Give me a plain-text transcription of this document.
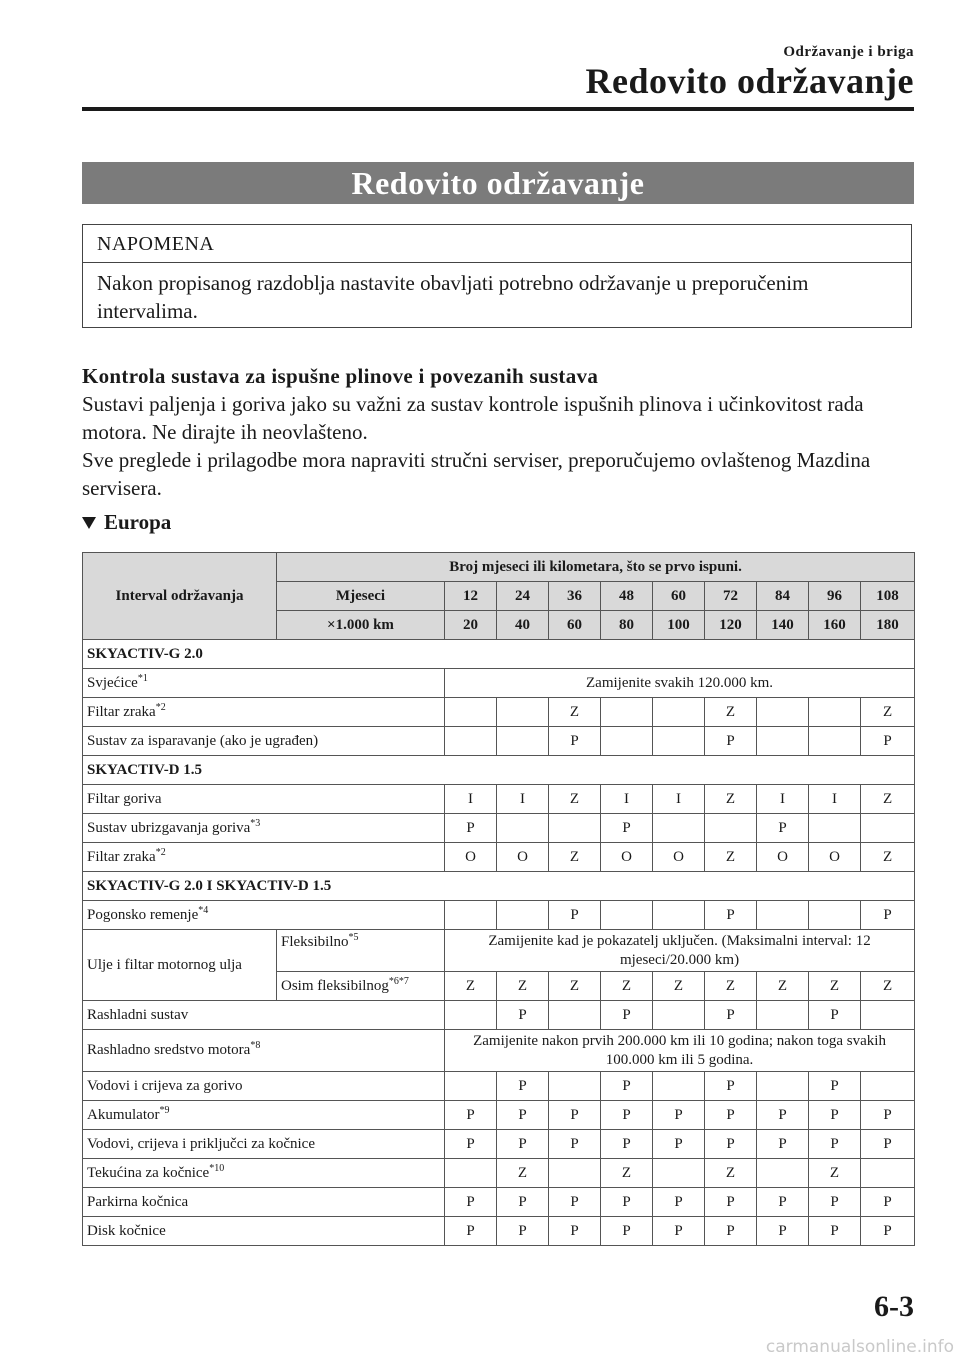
Održavanje i briga
Redovito održavanje
Redovito održavanje
NAPOMENA
Nakon propisanog razdoblja nastavite obavljati potrebno održavanje u preporučenim intervalima.
Kontrola sustava za ispušne plinove i povezanih sustava
Sustavi paljenja i goriva jako su važni za sustav kontrole ispušnih plinova i učinkovitost rada motora. Ne dirajte ih neovlašteno.
Sve preglede i prilagodbe mora napraviti stručni serviser, preporučujemo ovlaštenog Mazdina servisera.
Europa
Interval održavanja	Broj mjeseci ili kilometara, što se prvo ispuni.									
	Mjeseci	12	24	36	48	60	72	84	96	108
	×1.000 km	20	40	60	80	100	120	140	160	180
SKYACTIV-G 2.0										
Svjećice$^{*1}$		Zamijenite svakih 120.000 km.								
Filtar zraka$^{*2}$				Z			Z			Z
Sustav za isparavanje (ako je ugrađen)				P			P			P
SKYACTIV-D 1.5										
Filtar goriva		I	I	Z	I	I	Z	I	I	Z
Sustav ubrizgavanja goriva$^{*3}$		P			P			P		
Filtar zraka$^{*2}$		O	O	Z	O	O	Z	O	O	Z
SKYACTIV-G 2.0 I SKYACTIV-D 1.5										
Pogonsko remenje$^{*4}$				P			P			P
Ulje i filtar motornog ulja	Fleksibilno$^{*5}$	Zamijenite kad je pokazatelj uključen. (Maksimalni interval: 12 mjeseci/20.000 km)								
	Osim fleksibilnog$^{*6*7}$	Z	Z	Z	Z	Z	Z	Z	Z	Z
Rashladni sustav			P		P		P		P	
Rashladno sredstvo motora$^{*8}$		Zamijenite nakon prvih 200.000 km ili 10 godina; nakon toga svakih 100.000 km ili 5 godina.								
Vodovi i crijeva za gorivo			P		P		P		P	
Akumulator$^{*9}$		P	P	P	P	P	P	P	P	P
Vodovi, crijeva i priključci za kočnice		P	P	P	P	P	P	P	P	P
Tekućina za kočnice$^{*10}$			Z		Z		Z		Z	
Parkirna kočnica		P	P	P	P	P	P	P	P	P
Disk kočnice		P	P	P	P	P	P	P	P	P
6-3
carmanualsonline.info
